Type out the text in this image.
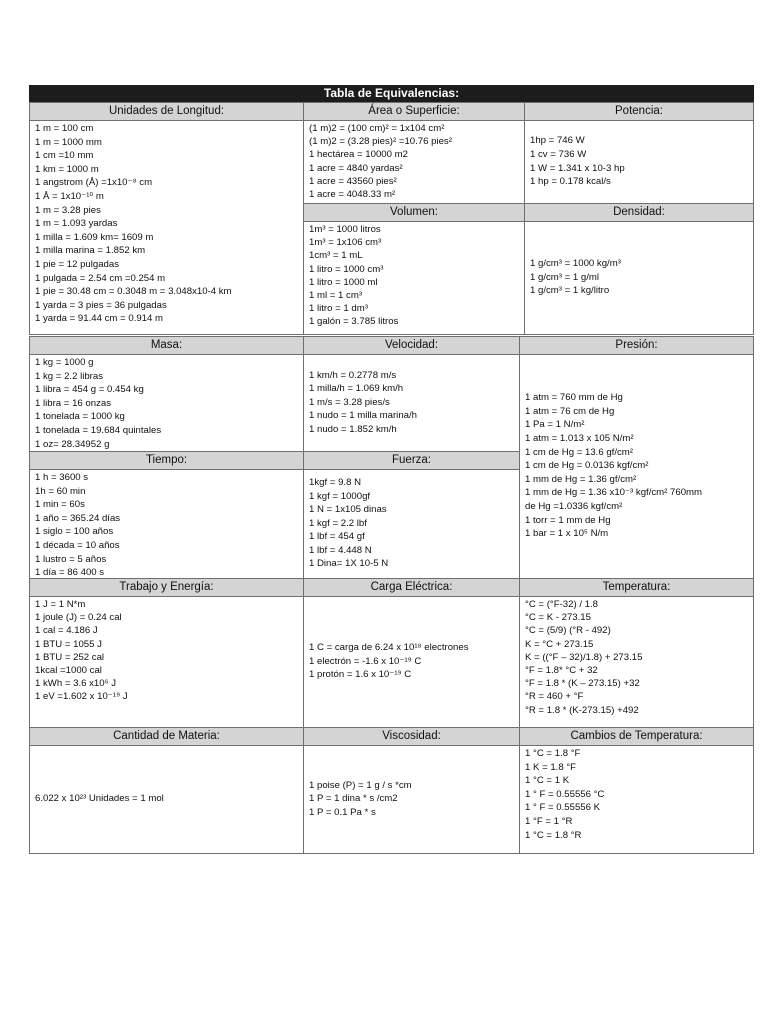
Tabla de Equivalencias:
Unidades de Longitud:
1 m = 100 cm
1 m = 1000 mm
1 cm =10 mm
1 km = 1000 m
1 angstrom (Å) =1x10⁻⁸ cm
1 Å = 1x10⁻¹⁰ m
1 m = 3.28 pies
1 m = 1.093 yardas
1 milla = 1.609 km= 1609 m
1 milla marina = 1.852 km
1 pie = 12 pulgadas
1 pulgada = 2.54 cm =0.254 m
1 pie = 30.48 cm = 0.3048 m = 3.048x10-4 km
1 yarda = 3 pies = 36 pulgadas
1 yarda = 91.44 cm = 0.914 m
Área o Superficie:
(1 m)2 = (100 cm)² = 1x104 cm²
(1 m)2 = (3.28 pies)² =10.76 pies²
1 hectárea = 10000 m2
1 acre = 4840 yardas²
1 acre = 43560 pies²
1 acre = 4048.33 m²
Potencia:
1hp = 746 W
1 cv = 736 W
1 W = 1.341 x 10-3 hp
1 hp = 0.178 kcal/s
Volumen:
1m³ = 1000 litros
1m³ = 1x106 cm³
1cm³ = 1 mL
1 litro = 1000 cm³
1 litro = 1000 ml
1 ml = 1 cm³
1 litro = 1 dm³
1 galón = 3.785 litros
Densidad:
1 g/cm³ = 1000 kg/m³
1 g/cm³ = 1 g/ml
1 g/cm³ = 1 kg/litro
Masa:
1 kg = 1000 g
1 kg = 2.2 libras
1 libra = 454 g = 0.454 kg
1 libra = 16 onzas
1 tonelada = 1000 kg
1 tonelada = 19.684 quintales
1 oz= 28.34952 g
Velocidad:
1 km/h = 0.2778 m/s
1 milla/h = 1.069 km/h
1 m/s = 3.28 pies/s
1 nudo = 1 milla marina/h
1 nudo = 1.852 km/h
Presión:
1 atm = 760 mm de Hg
1 atm = 76 cm de Hg
1 Pa = 1 N/m²
1 atm = 1.013 x 105 N/m²
1 cm de Hg = 13.6 gf/cm²
1 cm de Hg = 0.0136 kgf/cm²
1 mm de Hg = 1.36 gf/cm²
1 mm de Hg = 1.36 x10⁻³ kgf/cm² 760mm
de Hg =1.0336 kgf/cm²
1 torr = 1 mm de Hg
1 bar = 1 x 10⁵ N/m
Tiempo:
1 h = 3600 s
1h = 60 min
1 min = 60s
1 año = 365.24 días
1 siglo = 100 años
1 década = 10 años
1 lustro = 5 años
1 día = 86 400 s
Fuerza:
1kgf = 9.8 N
1 kgf = 1000gf
1 N = 1x105 dinas
1 kgf = 2.2 lbf
1 lbf = 454 gf
1 lbf = 4.448 N
1 Dina= 1X 10-5 N
Trabajo y Energía:
1 J = 1 N*m
1 joule (J) = 0.24 cal
1 cal = 4.186 J
1 BTU = 1055 J
1 BTU = 252 cal
1kcal =1000 cal
1 kWh = 3.6 x10⁶ J
1 eV =1.602 x 10⁻¹⁹ J
Carga Eléctrica:
1 C = carga de 6.24 x 10¹⁸ electrones
1 electrón = -1.6 x 10⁻¹⁹ C
1 protón = 1.6 x 10⁻¹⁹ C
Temperatura:
°C = (°F-32) / 1.8
°C = K - 273.15
°C = (5/9) (°R - 492)
K = °C + 273.15
K = ((°F – 32)/1.8) + 273.15
°F = 1.8* °C + 32
°F = 1.8 * (K – 273.15) +32
°R = 460 + °F
°R = 1.8 * (K-273.15) +492
Cantidad de Materia:
6.022 x 10²³ Unidades = 1 mol
Viscosidad:
1 poise (P) = 1 g / s *cm
1 P = 1 dina * s /cm2
1 P = 0.1 Pa * s
Cambios de Temperatura:
1 °C = 1.8 °F
1 K = 1.8 °F
1 °C = 1 K
1 ° F = 0.55556 °C
1 ° F = 0.55556 K
1 °F = 1 °R
1 °C = 1.8 °R
